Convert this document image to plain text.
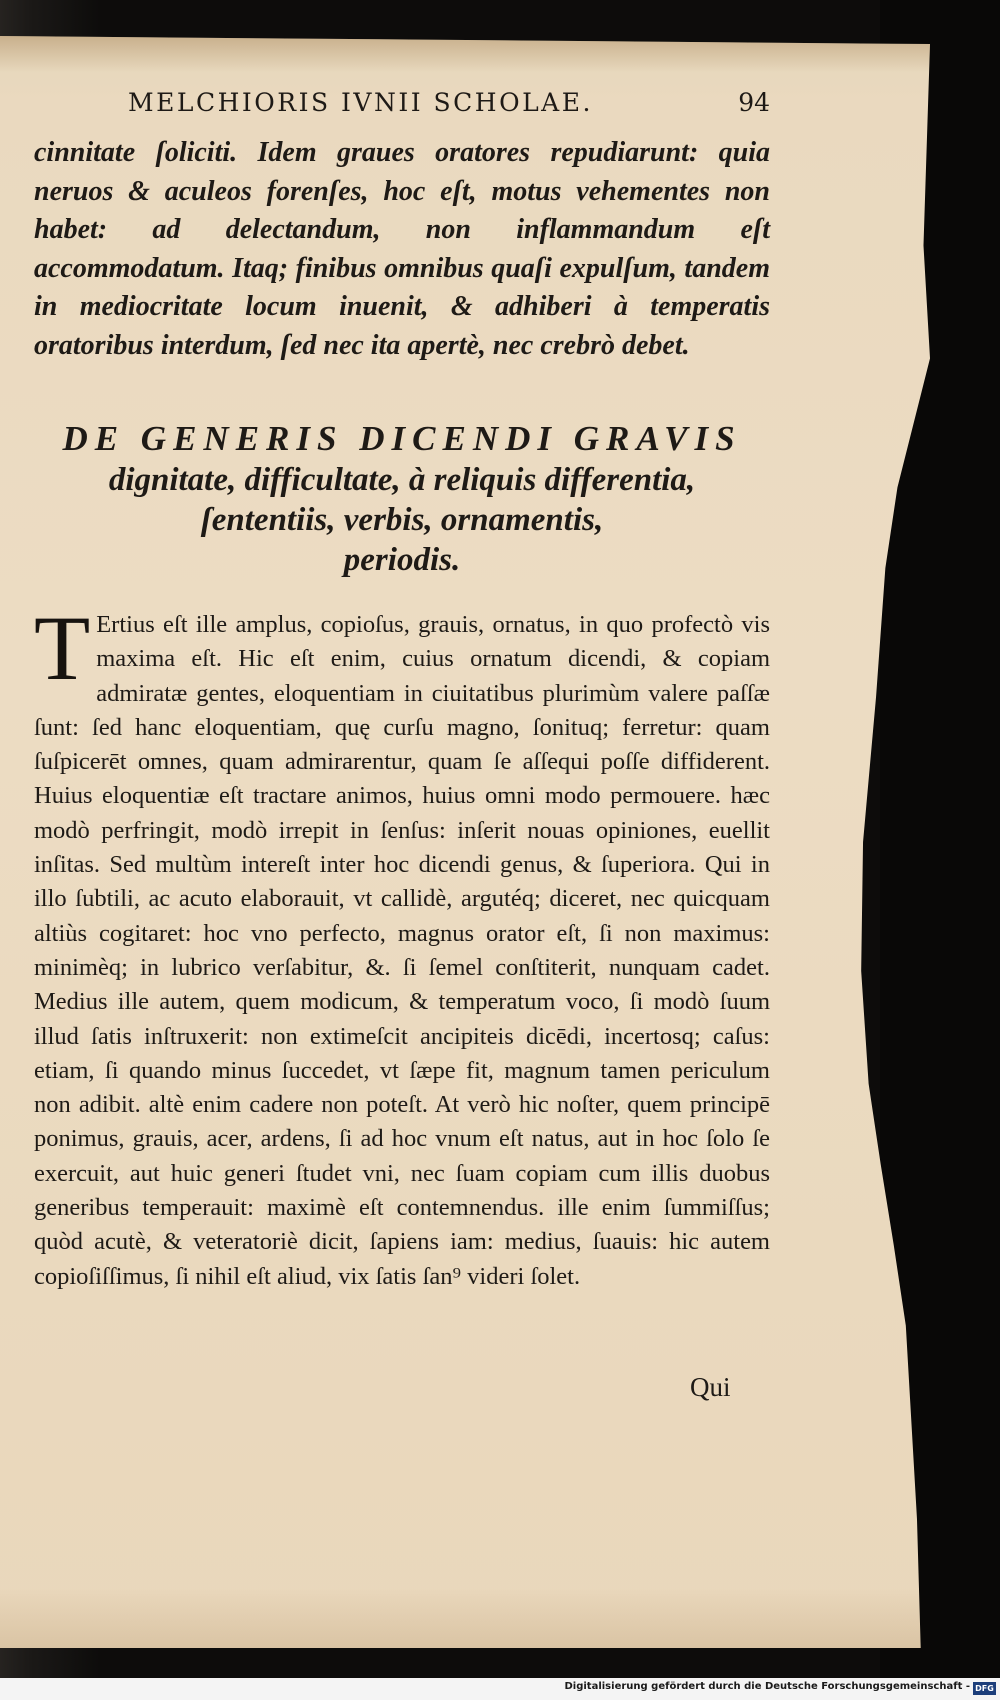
MELCHIORIS IVNII SCHOLAE.	94
cinnitate ſoliciti. Idem graues oratores repudiarunt: quia neruos & aculeos forenſes, hoc eſt, motus vehementes non habet: ad delectandum, non inflammandum eſt accommodatum. Itaq; finibus omnibus quaſi expulſum, tandem in mediocritate locum inuenit, & adhiberi à temperatis oratoribus interdum, ſed nec ita apertè, nec crebrò debet.
DE GENERIS DICENDI GRAVIS
dignitate, difficultate, à reliquis differentia,
ſententiis, verbis, ornamentis,
periodis.
T Ertius eſt ille amplus, copioſus, grauis, ornatus, in quo profectò vis maxima eſt. Hic eſt enim, cuius ornatum dicendi, & copiam admiratæ gentes, eloquentiam in ciuitatibus plurimùm valere paſſæ ſunt: ſed hanc eloquentiam, quę curſu magno, ſonituq; ferretur: quam ſuſpicerēt omnes, quam admirarentur, quam ſe aſſequi poſſe diffiderent. Huius eloquentiæ eſt tractare animos, huius omni modo permouere. hæc modò perfringit, modò irrepit in ſenſus: inſerit nouas opiniones, euellit inſitas. Sed multùm intereſt inter hoc dicendi genus, & ſuperiora. Qui in illo ſubtili, ac acuto elaborauit, vt callidè, argutéq; diceret, nec quicquam altiùs cogitaret: hoc vno perfecto, magnus orator eſt, ſi non maximus: minimèq; in lubrico verſabitur, &. ſi ſemel conſtiterit, nunquam cadet. Medius ille autem, quem modicum, & temperatum voco, ſi modò ſuum illud ſatis inſtruxerit: non extimeſcit ancipiteis dicēdi, incertosq; caſus: etiam, ſi quando minus ſuccedet, vt ſæpe fit, magnum tamen periculum non adibit. altè enim cadere non poteſt. At verò hic noſter, quem principē ponimus, grauis, acer, ardens, ſi ad hoc vnum eſt natus, aut in hoc ſolo ſe exercuit, aut huic generi ſtudet vni, nec ſuam copiam cum illis duobus generibus temperauit: maximè eſt contemnendus. ille enim ſummiſſus; quòd acutè, & veteratoriè dicit, ſapiens iam: medius, ſuauis: hic autem copioſiſſimus, ſi nihil eſt aliud, vix ſatis ſan⁹ videri ſolet.
Qui
Digitalisierung gefördert durch die Deutsche Forschungsgemeinschaft - DFG
